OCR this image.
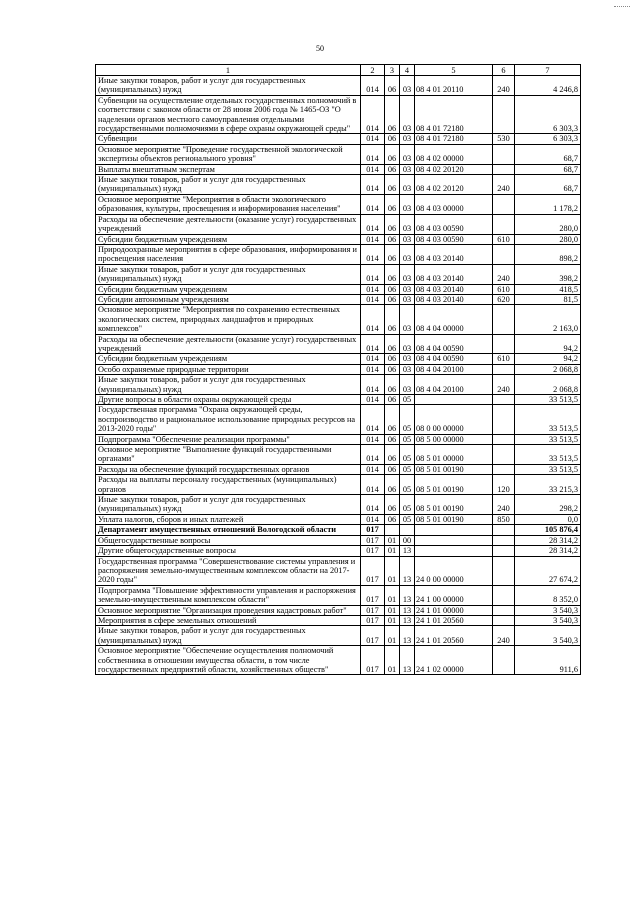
50
1	2	3	4	5	6	7
Иные закупки товаров, работ и услуг для государственных (муниципальных) нужд	014	06	03	08 4 01 20110	240	4 246,8
Субвенции на осуществление отдельных государственных полномочий в соответствии с законом области от 28 июня 2006 года № 1465-ОЗ "О наделении органов местного самоуправления отдельными государственными полномочиями в сфере охраны окружающей среды"	014	06	03	08 4 01 72180		6 303,3
Субвенции	014	06	03	08 4 01 72180	530	6 303,3
Основное мероприятие "Проведение государственной экологической экспертизы объектов регионального уровня"	014	06	03	08 4 02 00000		68,7
Выплаты внештатным экспертам	014	06	03	08 4 02 20120		68,7
Иные закупки товаров, работ и услуг для государственных (муниципальных) нужд	014	06	03	08 4 02 20120	240	68,7
Основное мероприятие "Мероприятия в области экологического образования, культуры, просвещения и информирования населения"	014	06	03	08 4 03 00000		1 178,2
Расходы на обеспечение деятельности (оказание услуг) государственных учреждений	014	06	03	08 4 03 00590		280,0
Субсидии бюджетным учреждениям	014	06	03	08 4 03 00590	610	280,0
Природоохранные мероприятия в сфере образования, информирования и просвещения населения	014	06	03	08 4 03 20140		898,2
Иные закупки товаров, работ и услуг для государственных (муниципальных) нужд	014	06	03	08 4 03 20140	240	398,2
Субсидии бюджетным учреждениям	014	06	03	08 4 03 20140	610	418,5
Субсидии автономным учреждениям	014	06	03	08 4 03 20140	620	81,5
Основное мероприятие "Мероприятия по сохранению естественных экологических систем, природных ландшафтов и природных комплексов"	014	06	03	08 4 04 00000		2 163,0
Расходы на обеспечение деятельности (оказание услуг) государственных учреждений	014	06	03	08 4 04 00590		94,2
Субсидии бюджетным учреждениям	014	06	03	08 4 04 00590	610	94,2
Особо охраняемые природные территории	014	06	03	08 4 04 20100		2 068,8
Иные закупки товаров, работ и услуг для государственных (муниципальных) нужд	014	06	03	08 4 04 20100	240	2 068,8
Другие вопросы в области охраны окружающей среды	014	06	05			33 513,5
Государственная программа "Охрана окружающей среды, воспроизводство и рациональное использование природных ресурсов на 2013-2020 годы"	014	06	05	08 0 00 00000		33 513,5
Подпрограмма "Обеспечение реализации программы"	014	06	05	08 5 00 00000		33 513,5
Основное мероприятие "Выполнение функций государственными органами"	014	06	05	08 5 01 00000		33 513,5
Расходы на обеспечение функций государственных органов	014	06	05	08 5 01 00190		33 513,5
Расходы на выплаты персоналу государственных (муниципальных) органов	014	06	05	08 5 01 00190	120	33 215,3
Иные закупки товаров, работ и услуг для государственных (муниципальных) нужд	014	06	05	08 5 01 00190	240	298,2
Уплата налогов, сборов и иных платежей	014	06	05	08 5 01 00190	850	0,0
Департамент имущественных отношений Вологодской области	017					105 876,4
Общегосударственные вопросы	017	01	00			28 314,2
Другие общегосударственные вопросы	017	01	13			28 314,2
Государственная программа "Совершенствование системы управления и распоряжения земельно-имущественным комплексом области на 2017-2020 годы"	017	01	13	24 0 00 00000		27 674,2
Подпрограмма "Повышение эффективности управления и распоряжения земельно-имущественным комплексом области"	017	01	13	24 1 00 00000		8 352,0
Основное мероприятие "Организация проведения кадастровых работ"	017	01	13	24 1 01 00000		3 540,3
Мероприятия в сфере земельных отношений	017	01	13	24 1 01 20560		3 540,3
Иные закупки товаров, работ и услуг для государственных (муниципальных) нужд	017	01	13	24 1 01 20560	240	3 540,3
Основное мероприятие "Обеспечение осуществления полномочий собственника в отношении имущества области, в том числе государственных предприятий области, хозяйственных обществ"	017	01	13	24 1 02 00000		911,6
